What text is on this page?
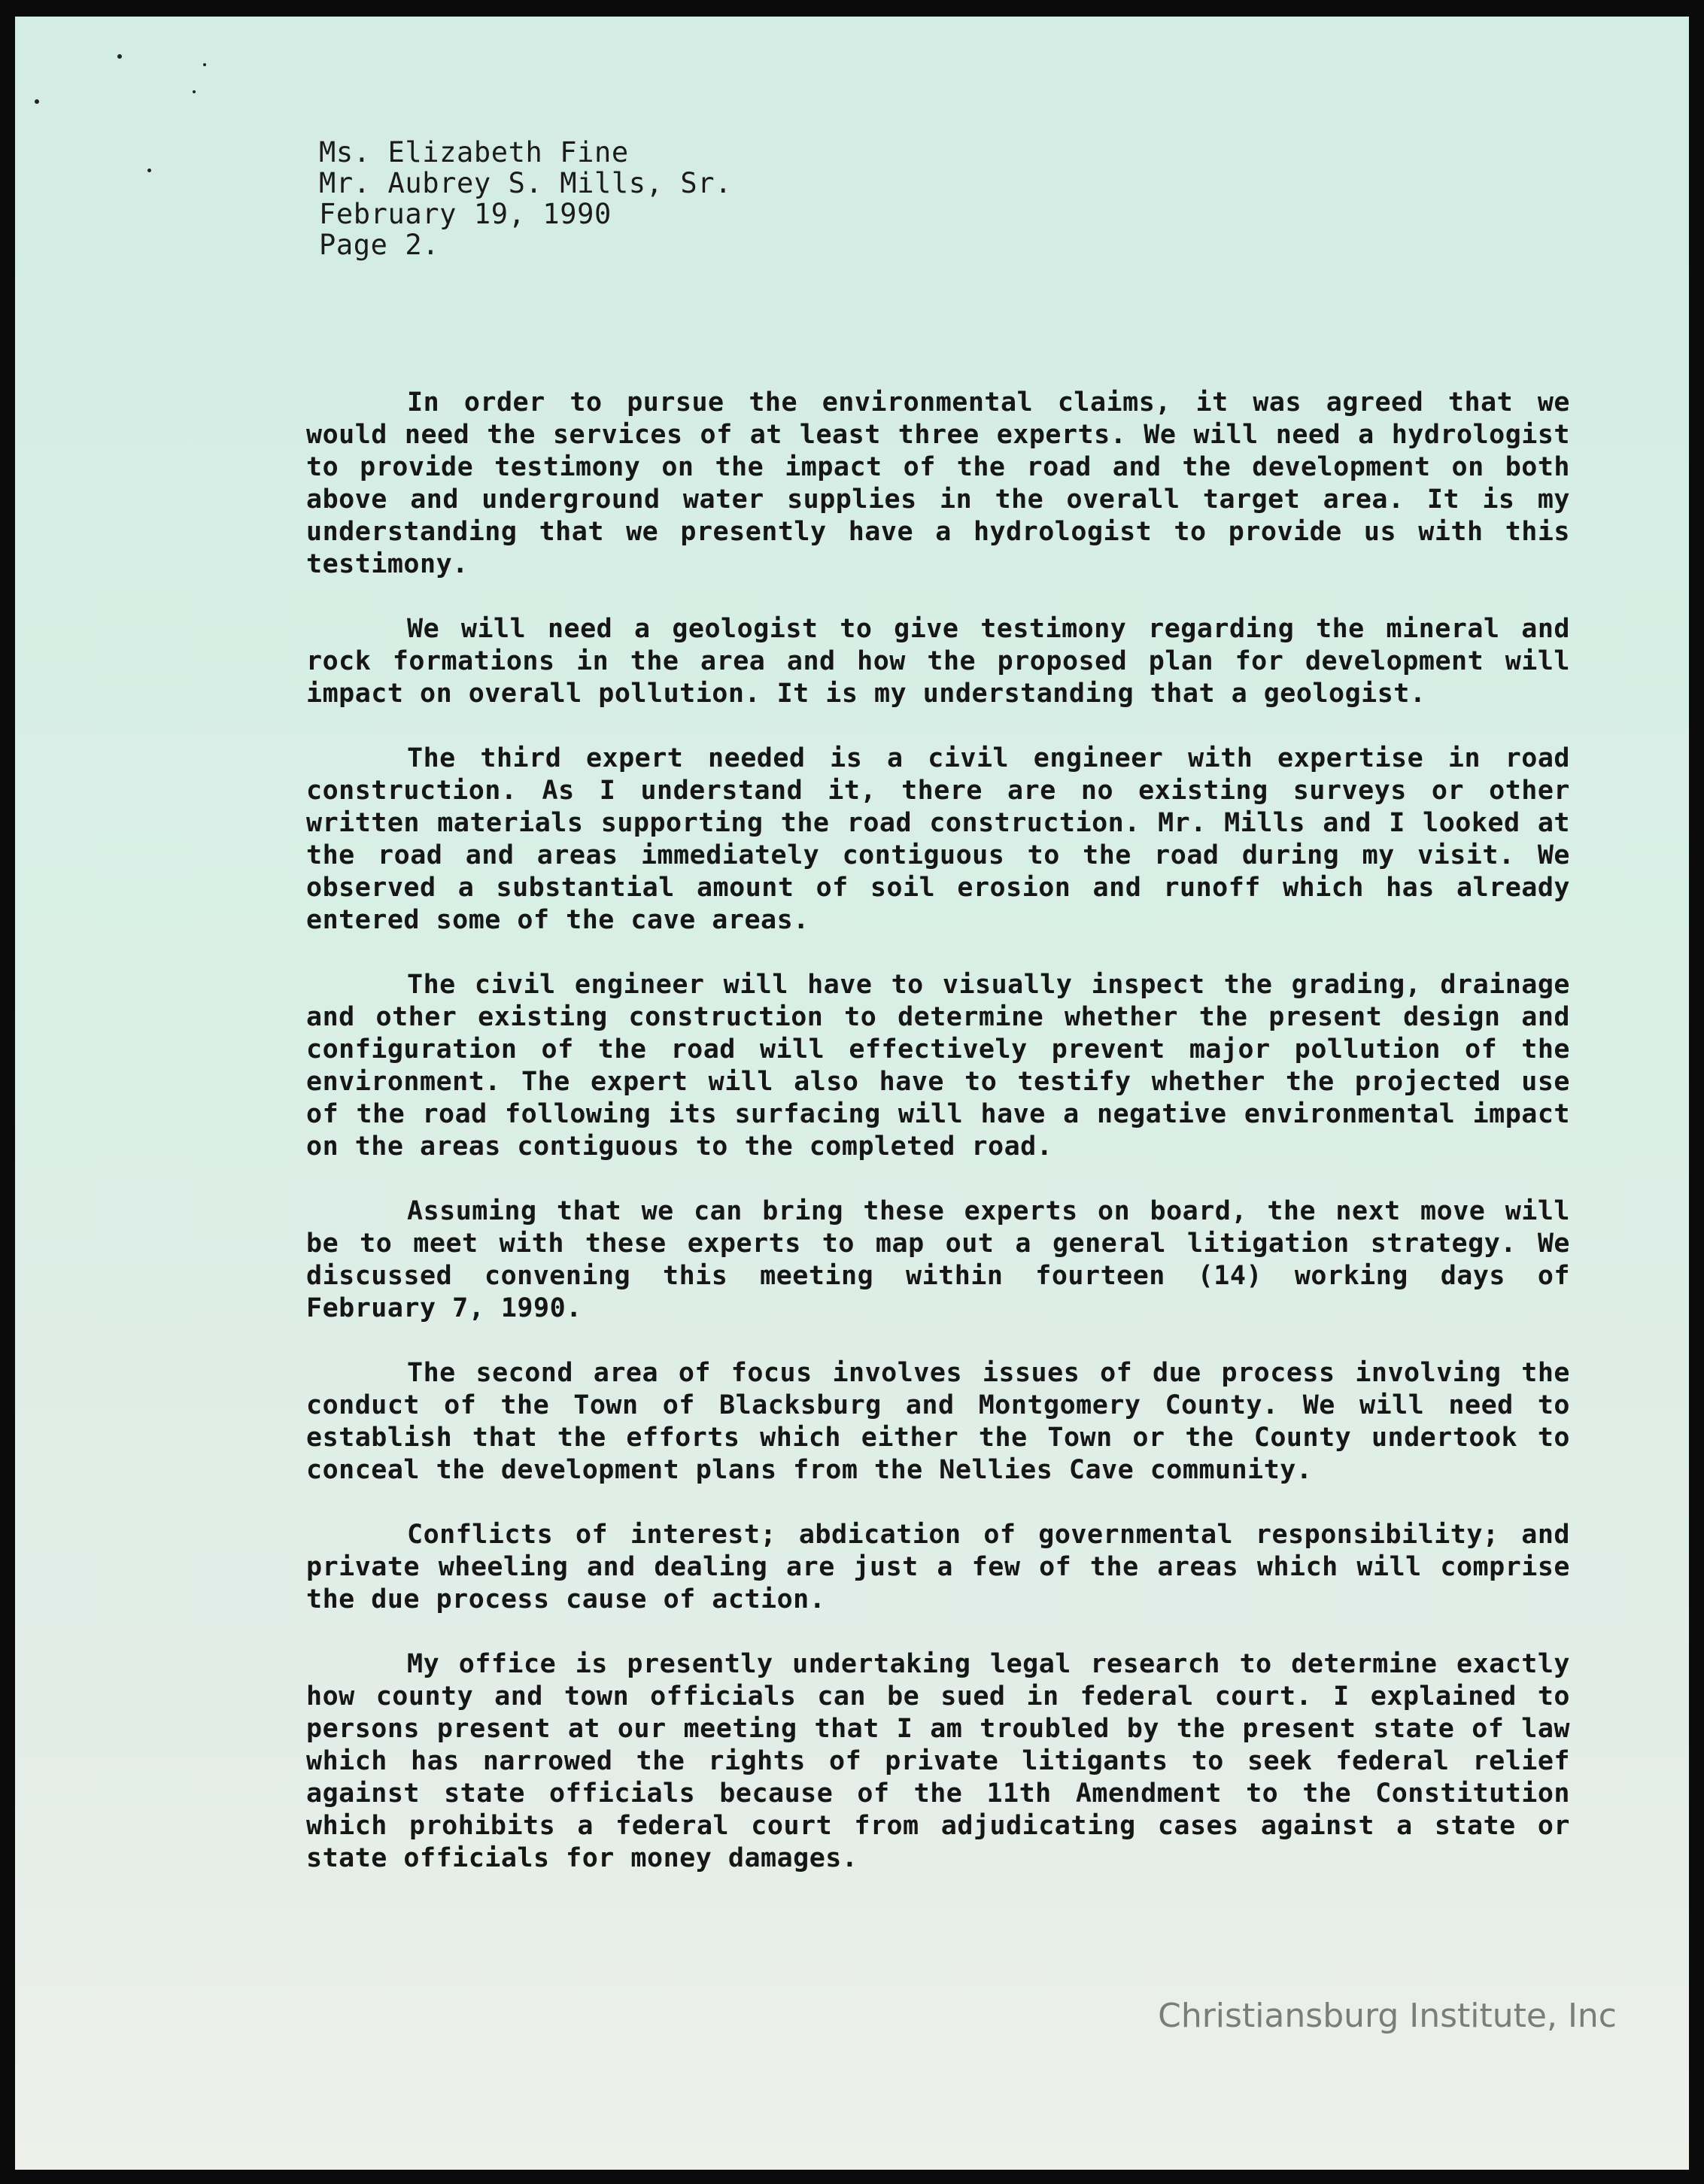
Ms. Elizabeth Fine
Mr. Aubrey S. Mills, Sr.
February 19, 1990
Page 2.

In order to pursue the environmental claims, it was agreed that we would need the services of at least three experts. We will need a hydrologist to provide testimony on the impact of the road and the development on both above and underground water supplies in the overall target area. It is my understanding that we presently have a hydrologist to provide us with this testimony.

We will need a geologist to give testimony regarding the mineral and rock formations in the area and how the proposed plan for development will impact on overall pollution. It is my understanding that a geologist.

The third expert needed is a civil engineer with expertise in road construction. As I understand it, there are no existing surveys or other written materials supporting the road construction. Mr. Mills and I looked at the road and areas immediately contiguous to the road during my visit. We observed a substantial amount of soil erosion and runoff which has already entered some of the cave areas.

The civil engineer will have to visually inspect the grading, drainage and other existing construction to determine whether the present design and configuration of the road will effectively prevent major pollution of the environment. The expert will also have to testify whether the projected use of the road following its surfacing will have a negative environmental impact on the areas contiguous to the completed road.

Assuming that we can bring these experts on board, the next move will be to meet with these experts to map out a general litigation strategy. We discussed convening this meeting within fourteen (14) working days of February 7, 1990.

The second area of focus involves issues of due process involving the conduct of the Town of Blacksburg and Montgomery County. We will need to establish that the efforts which either the Town or the County undertook to conceal the development plans from the Nellies Cave community.

Conflicts of interest; abdication of governmental responsibility; and private wheeling and dealing are just a few of the areas which will comprise the due process cause of action.

My office is presently undertaking legal research to determine exactly how county and town officials can be sued in federal court. I explained to persons present at our meeting that I am troubled by the present state of law which has narrowed the rights of private litigants to seek federal relief against state officials because of the 11th Amendment to the Constitution which prohibits a federal court from adjudicating cases against a state or state officials for money damages.

Christiansburg Institute, Inc
